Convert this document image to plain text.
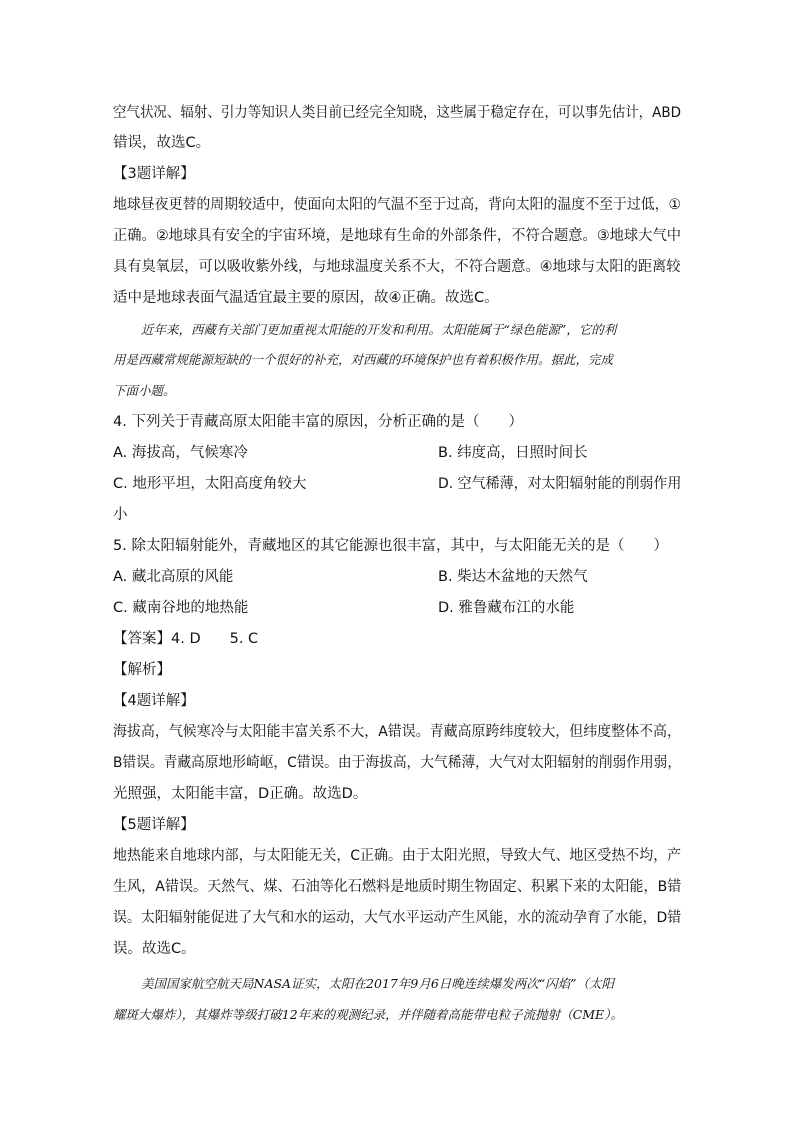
空气状况、辐射、引力等知识人类目前已经完全知晓，这些属于稳定存在，可以事先估计，ABD
错误，故选C。
【3题详解】
地球昼夜更替的周期较适中，使面向太阳的气温不至于过高，背向太阳的温度不至于过低，①
正确。②地球具有安全的宇宙环境，是地球有生命的外部条件，不符合题意。③地球大气中
具有臭氧层，可以吸收紫外线，与地球温度关系不大，不符合题意。④地球与太阳的距离较
适中是地球表面气温适宜最主要的原因，故④正确。故选C。
近年来，西藏有关部门更加重视太阳能的开发和利用。太阳能属于“绿色能源”，它的利
用是西藏常规能源短缺的一个很好的补充，对西藏的环境保护也有着积极作用。据此，完成
下面小题。
4. 下列关于青藏高原太阳能丰富的原因，分析正确的是（　　）
A. 海拔高，气候寒冷	B. 纬度高，日照时间长
C. 地形平坦，太阳高度角较大	D. 空气稀薄，对太阳辐射能的削弱作用
小
5. 除太阳辐射能外，青藏地区的其它能源也很丰富，其中，与太阳能无关的是（　　）
A. 藏北高原的风能	B. 柴达木盆地的天然气
C. 藏南谷地的地热能	D. 雅鲁藏布江的水能
【答案】4. D　　5. C
【解析】
【4题详解】
海拔高，气候寒冷与太阳能丰富关系不大，A错误。青藏高原跨纬度较大，但纬度整体不高，
B错误。青藏高原地形崎岖，C错误。由于海拔高，大气稀薄，大气对太阳辐射的削弱作用弱，
光照强，太阳能丰富，D正确。故选D。
【5题详解】
地热能来自地球内部，与太阳能无关，C正确。由于太阳光照，导致大气、地区受热不均，产
生风，A错误。天然气、煤、石油等化石燃料是地质时期生物固定、积累下来的太阳能，B错
误。太阳辐射能促进了大气和水的运动，大气水平运动产生风能，水的流动孕育了水能，D错
误。故选C。
美国国家航空航天局NASA证实，太阳在2017年9月6日晚连续爆发两次“闪焰”（太阳
耀斑大爆炸），其爆炸等级打破12年来的观测纪录，并伴随着高能带电粒子流抛射（CME）。
